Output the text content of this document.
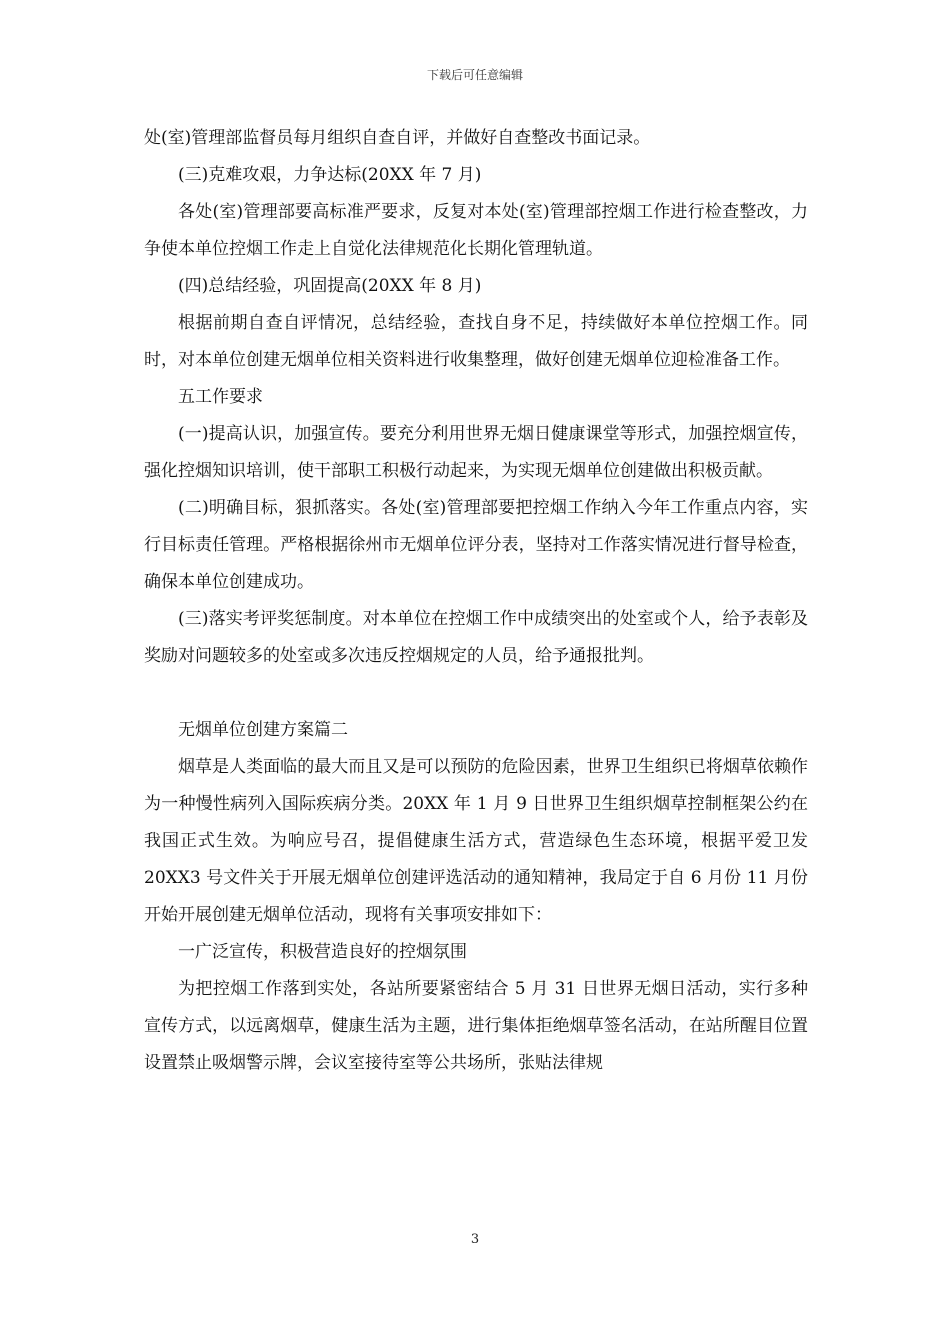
下载后可任意编辑

处(室)管理部监督员每月组织自查自评，并做好自查整改书面记录。

(三)克难攻艰，力争达标(20XX 年 7 月)

各处(室)管理部要高标准严要求，反复对本处(室)管理部控烟工作进行检查整改，力争使本单位控烟工作走上自觉化法律规范化长期化管理轨道。

(四)总结经验，巩固提高(20XX 年 8 月)

根据前期自查自评情况，总结经验，查找自身不足，持续做好本单位控烟工作。同时，对本单位创建无烟单位相关资料进行收集整理，做好创建无烟单位迎检准备工作。

五工作要求

(一)提高认识，加强宣传。要充分利用世界无烟日健康课堂等形式，加强控烟宣传，强化控烟知识培训，使干部职工积极行动起来，为实现无烟单位创建做出积极贡献。

(二)明确目标，狠抓落实。各处(室)管理部要把控烟工作纳入今年工作重点内容，实行目标责任管理。严格根据徐州市无烟单位评分表，坚持对工作落实情况进行督导检查，确保本单位创建成功。

(三)落实考评奖惩制度。对本单位在控烟工作中成绩突出的处室或个人，给予表彰及奖励对问题较多的处室或多次违反控烟规定的人员，给予通报批判。

无烟单位创建方案篇二

烟草是人类面临的最大而且又是可以预防的危险因素，世界卫生组织已将烟草依赖作为一种慢性病列入国际疾病分类。20XX 年 1 月 9 日世界卫生组织烟草控制框架公约在我国正式生效。为响应号召，提倡健康生活方式，营造绿色生态环境，根据平爱卫发 20XX3 号文件关于开展无烟单位创建评选活动的通知精神，我局定于自 6 月份 11 月份开始开展创建无烟单位活动，现将有关事项安排如下：

一广泛宣传，积极营造良好的控烟氛围

为把控烟工作落到实处，各站所要紧密结合 5 月 31 日世界无烟日活动，实行多种宣传方式，以远离烟草，健康生活为主题，进行集体拒绝烟草签名活动，在站所醒目位置设置禁止吸烟警示牌，会议室接待室等公共场所，张贴法律规

3
